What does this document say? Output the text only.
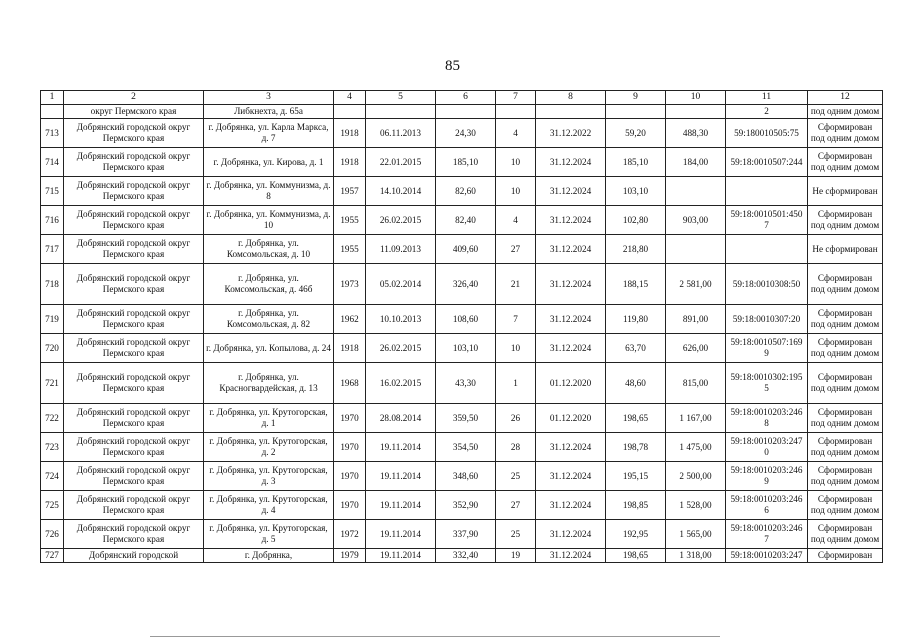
85
1	2	3	4	5	6	7	8	9	10	11	12
	округ Пермского края	Либкнехта, д. 65а								2	под одним домом
713	Добрянский городской округ Пермского края	г. Добрянка, ул. Карла Маркса, д. 7	1918	06.11.2013	24,30	4	31.12.2022	59,20	488,30	59:180010505:75	Сформирован под одним домом
714	Добрянский городской округ Пермского края	г. Добрянка, ул. Кирова, д. 1	1918	22.01.2015	185,10	10	31.12.2024	185,10	184,00	59:18:0010507:244	Сформирован под одним домом
715	Добрянский городской округ Пермского края	г. Добрянка, ул. Коммунизма, д. 8	1957	14.10.2014	82,60	10	31.12.2024	103,10			Не сформирован
716	Добрянский городской округ Пермского края	г. Добрянка, ул. Коммунизма, д. 10	1955	26.02.2015	82,40	4	31.12.2024	102,80	903,00	59:18:0010501:450 7	Сформирован под одним домом
717	Добрянский городской округ Пермского края	г. Добрянка, ул. Комсомольская, д. 10	1955	11.09.2013	409,60	27	31.12.2024	218,80			Не сформирован
718	Добрянский городской округ Пермского края	г. Добрянка, ул. Комсомольская, д. 46б	1973	05.02.2014	326,40	21	31.12.2024	188,15	2 581,00	59:18:0010308:50	Сформирован под одним домом
719	Добрянский городской округ Пермского края	г. Добрянка, ул. Комсомольская, д. 82	1962	10.10.2013	108,60	7	31.12.2024	119,80	891,00	59:18:0010307:20	Сформирован под одним домом
720	Добрянский городской округ Пермского края	г. Добрянка, ул. Копылова, д. 24	1918	26.02.2015	103,10	10	31.12.2024	63,70	626,00	59:18:0010507:169 9	Сформирован под одним домом
721	Добрянский городской округ Пермского края	г. Добрянка, ул. Красногвардейская, д. 13	1968	16.02.2015	43,30	1	01.12.2020	48,60	815,00	59:18:0010302:195 5	Сформирован под одним домом
722	Добрянский городской округ Пермского края	г. Добрянка, ул. Крутогорская, д. 1	1970	28.08.2014	359,50	26	01.12.2020	198,65	1 167,00	59:18:0010203:246 8	Сформирован под одним домом
723	Добрянский городской округ Пермского края	г. Добрянка, ул. Крутогорская, д. 2	1970	19.11.2014	354,50	28	31.12.2024	198,78	1 475,00	59:18:0010203:247 0	Сформирован под одним домом
724	Добрянский городской округ Пермского края	г. Добрянка, ул. Крутогорская, д. 3	1970	19.11.2014	348,60	25	31.12.2024	195,15	2 500,00	59:18:0010203:246 9	Сформирован под одним домом
725	Добрянский городской округ Пермского края	г. Добрянка, ул. Крутогорская, д. 4	1970	19.11.2014	352,90	27	31.12.2024	198,85	1 528,00	59:18:0010203:246 6	Сформирован под одним домом
726	Добрянский городской округ Пермского края	г. Добрянка, ул. Крутогорская, д. 5	1972	19.11.2014	337,90	25	31.12.2024	192,95	1 565,00	59:18:0010203:246 7	Сформирован под одним домом
727	Добрянский городской	г. Добрянка,	1979	19.11.2014	332,40	19	31.12.2024	198,65	1 318,00	59:18:0010203:247	Сформирован
